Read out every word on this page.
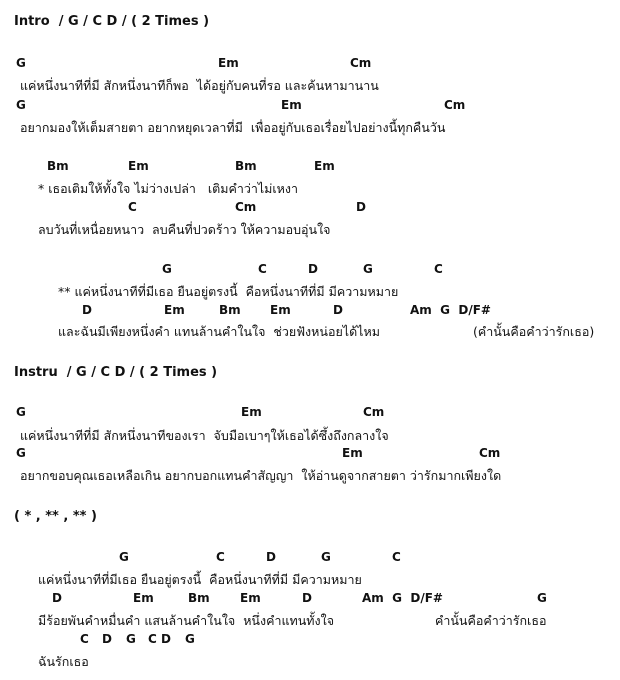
Intro  / G / C D / ( 2 Times )
G	Em	Cm
แค่หนึ่งนาทีที่มี สักหนึ่งนาทีก็พอ  ได้อยู่กับคนที่รอ และค้นหามานาน
G	Em	Cm
อยากมองให้เต็มสายตา อยากหยุดเวลาที่มี  เพื่ออยู่กับเธอเรื่อยไปอย่างนี้ทุกคืนวัน
Bm	Em	Bm	Em
* เธอเติมให้ทั้งใจ ไม่ว่างเปล่า   เติมคำว่าไม่เหงา
C	Cm	D
ลบวันที่เหนื่อยหนาว  ลบคืนที่ปวดร้าว ให้ความอบอุ่นใจ
G	C	D	G	C
** แค่หนึ่งนาทีที่มีเธอ ยืนอยู่ตรงนี้  คือหนึ่งนาทีที่มี มีความหมาย
D	Em	Bm Em	D	Am  G  D/F#
และฉันมีเพียงหนึ่งคำ แทนล้านคำในใจ  ช่วยฟังหน่อยได้ไหม	(คำนั้นคือคำว่ารักเธอ)
Instru  / G / C D / ( 2 Times )
G	Em	Cm
แค่หนึ่งนาทีที่มี สักหนึ่งนาทีของเรา  จับมือเบาๆให้เธอได้ซึ้งถึงกลางใจ
G	Em	Cm
อยากขอบคุณเธอเหลือเกิน อยากบอกแทนคำสัญญา  ให้อ่านดูจากสายตา ว่ารักมากเพียงใด
( * , ** , ** )
G	C	D	G	C
แค่หนึ่งนาทีที่มีเธอ ยืนอยู่ตรงนี้  คือหนึ่งนาทีที่มี มีความหมาย
D	Em	Bm	Em	D	Am  G  D/F#	G
มีร้อยพันคำหมื่นคำ แสนล้านคำในใจ  หนึ่งคำแทนทั้งใจ	คำนั้นคือคำว่ารักเธอ
C D G C D G
ฉันรักเธอ
